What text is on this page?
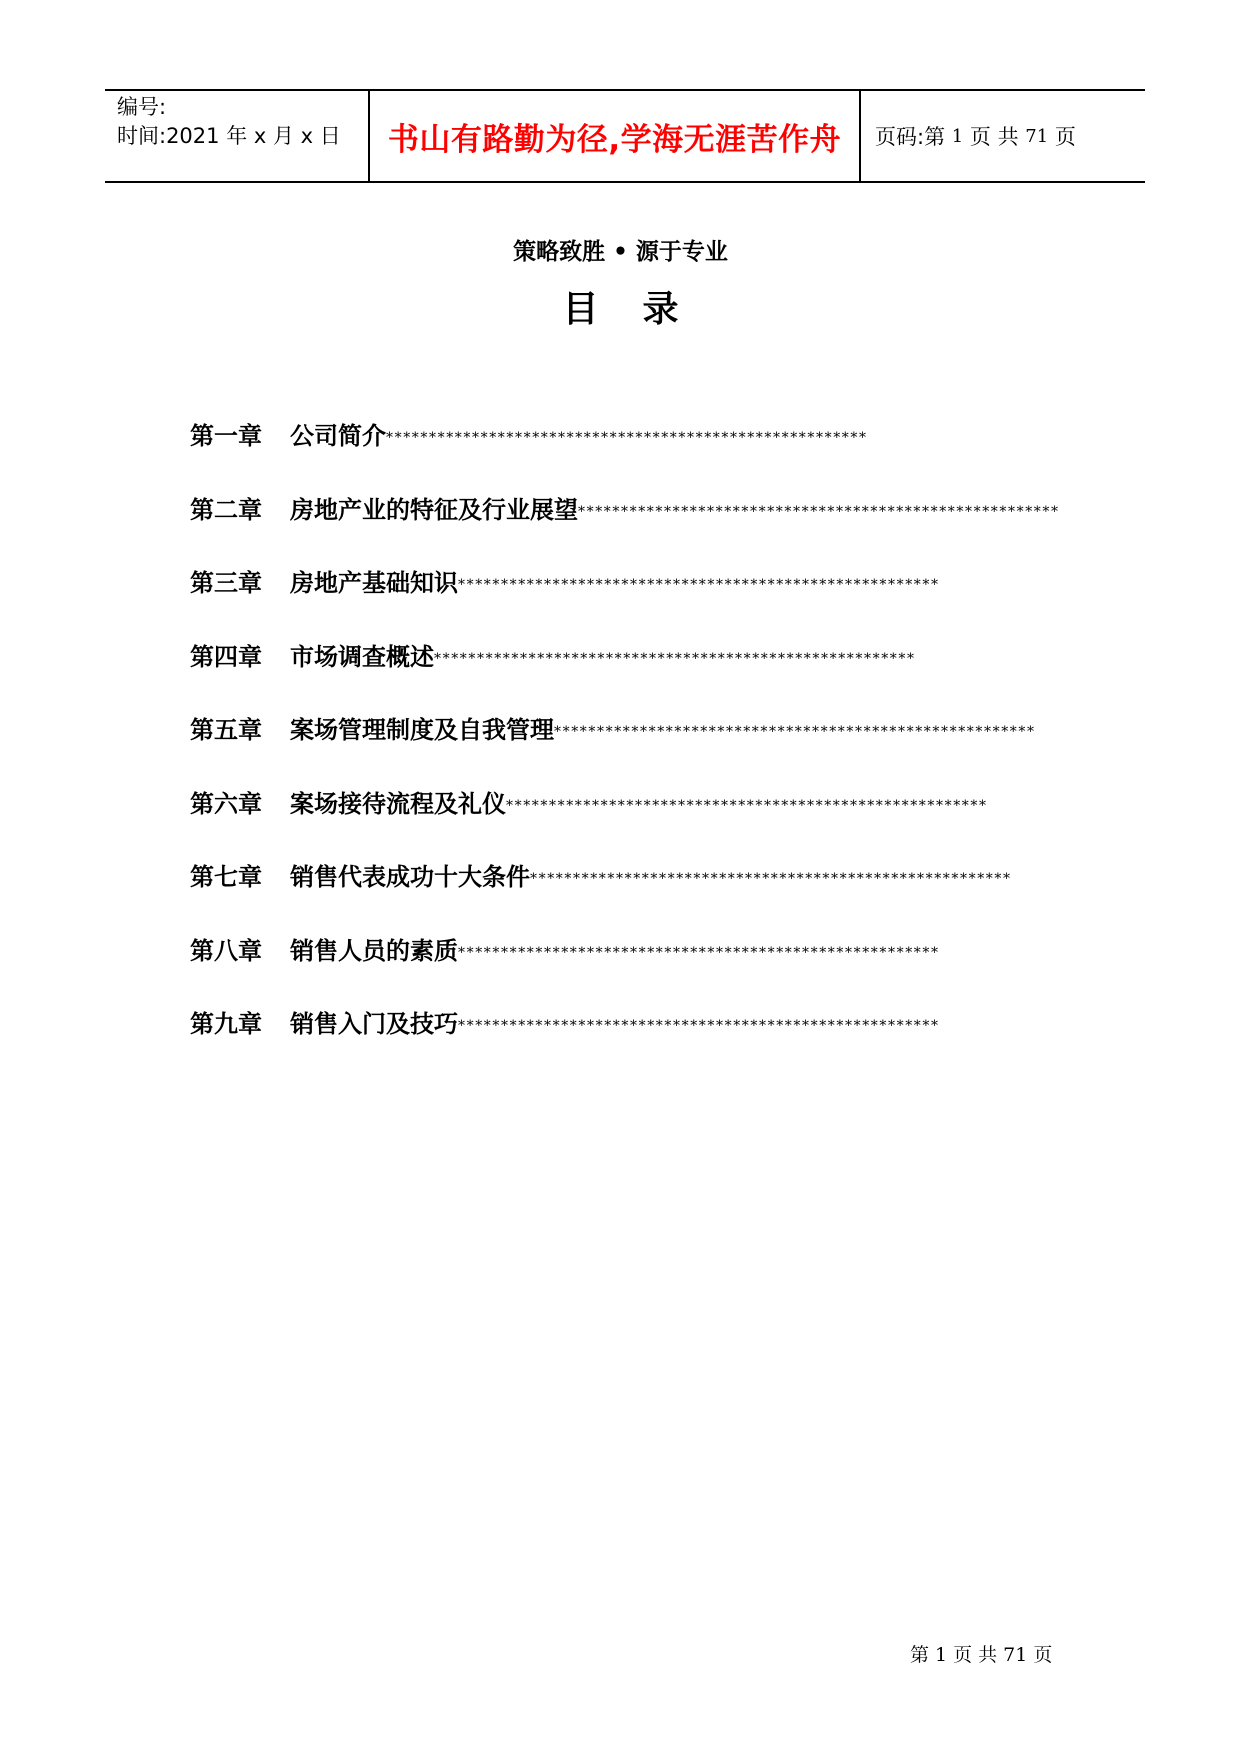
编号:
时间:2021 年 x 月 x 日	书山有路勤为径,学海无涯苦作舟	页码:第
1
页 共
71
页
策略致胜 • 源于专业
目录
第一章	公司简介 ********************************************************
第二章	房地产业的特征及行业展望 ********************************************************
第三章	房地产基础知识 ********************************************************
第四章	市场调查概述 ********************************************************
第五章	案场管理制度及自我管理 ********************************************************
第六章	案场接待流程及礼仪 ********************************************************
第七章	销售代表成功十大条件 ********************************************************
第八章	销售人员的素质 ********************************************************
第九章	销售入门及技巧 ********************************************************
第 1 页 共 71 页
